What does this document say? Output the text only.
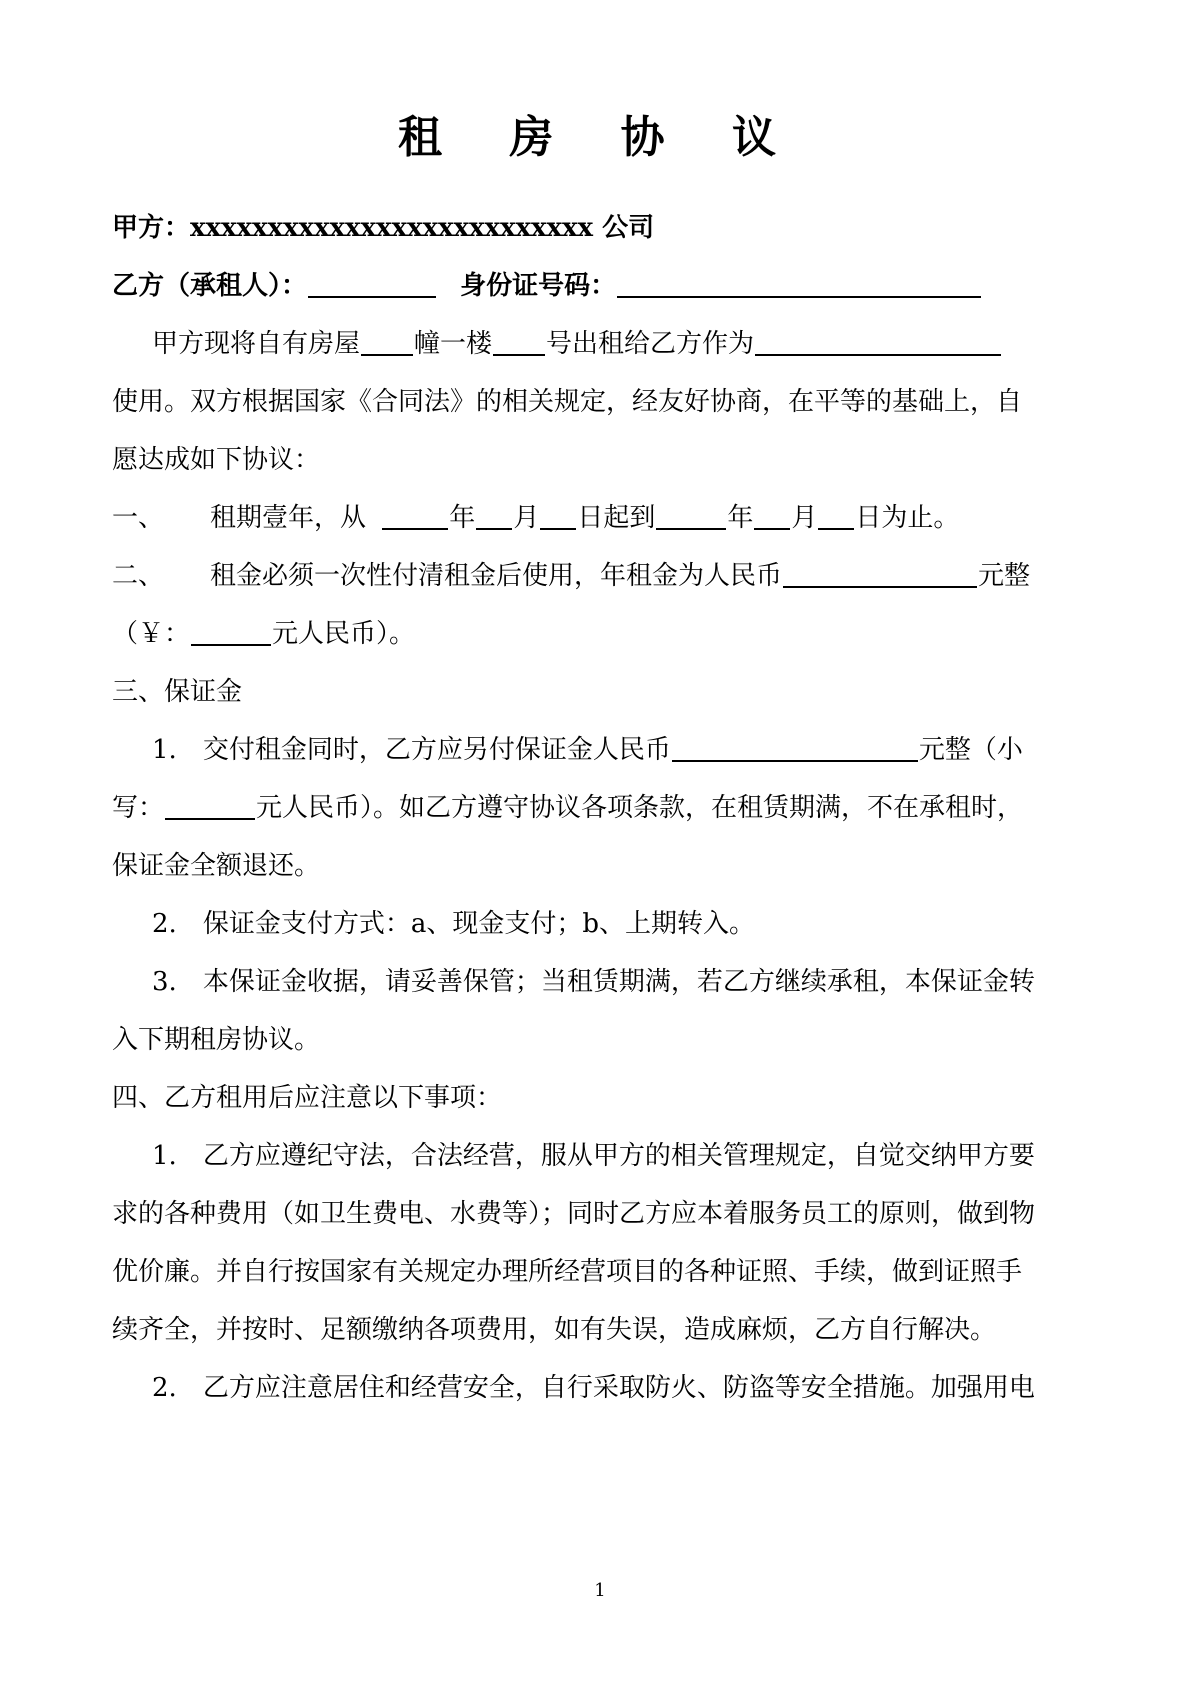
租 房 协 议
甲方：xxxxxxxxxxxxxxxxxxxxxxxxxx 公司
乙方（承租人）：	身份证号码：
甲方现将自有房屋 幢一楼 号出租给乙方作为
使用。双方根据国家《合同法》的相关规定，经友好协商，在平等的基础上，自
愿达成如下协议：
一、 租期壹年，从	年 月 日起到	年 月 日为止。
二、 租金必须一次性付清租金后使用，年租金为人民币	元整
（￥：	元人民币）。
三、保证金
1. 交付租金同时，乙方应另付保证金人民币	元整（小
写：	元人民币）。如乙方遵守协议各项条款，在租赁期满，不在承租时，
保证金全额退还。
2. 保证金支付方式：a、现金支付；b、上期转入。
3. 本保证金收据，请妥善保管；当租赁期满，若乙方继续承租，本保证金转
入下期租房协议。
四、乙方租用后应注意以下事项：
1. 乙方应遵纪守法，合法经营，服从甲方的相关管理规定，自觉交纳甲方要
求的各种费用（如卫生费电、水费等）；同时乙方应本着服务员工的原则，做到物
优价廉。并自行按国家有关规定办理所经营项目的各种证照、手续，做到证照手
续齐全，并按时、足额缴纳各项费用，如有失误，造成麻烦，乙方自行解决。
2. 乙方应注意居住和经营安全，自行采取防火、防盗等安全措施。加强用电
1
